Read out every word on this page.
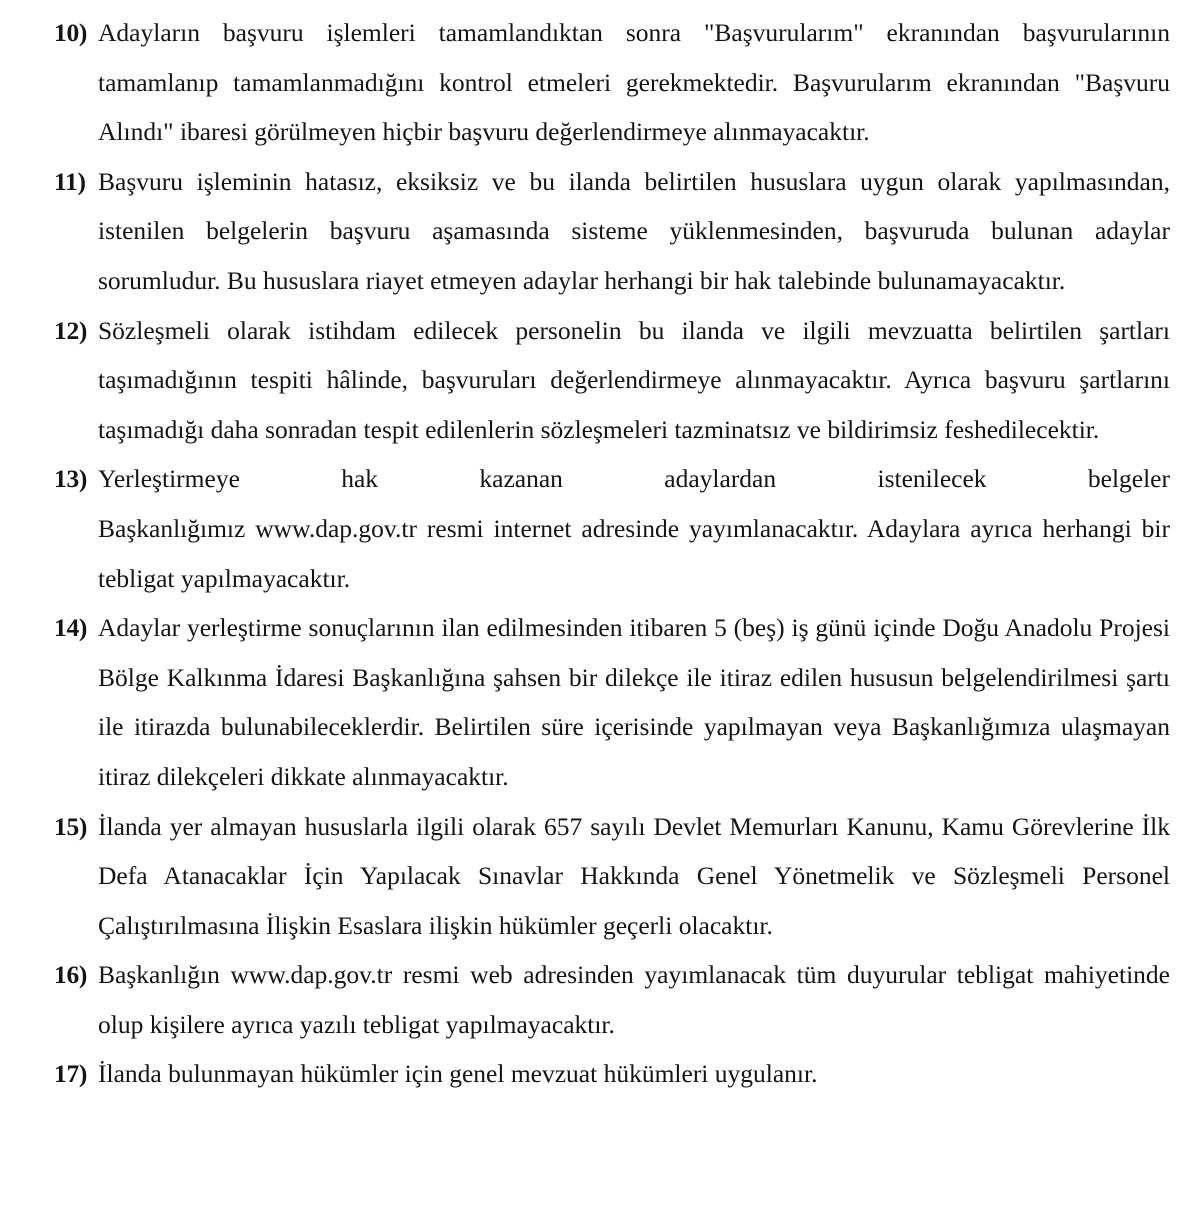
10) Adayların başvuru işlemleri tamamlandıktan sonra "Başvurularım" ekranından başvurularının tamamlanıp tamamlanmadığını kontrol etmeleri gerekmektedir. Başvurularım ekranından "Başvuru Alındı" ibaresi görülmeyen hiçbir başvuru değerlendirmeye alınmayacaktır.
11) Başvuru işleminin hatasız, eksiksiz ve bu ilanda belirtilen hususlara uygun olarak yapılmasından, istenilen belgelerin başvuru aşamasında sisteme yüklenmesinden, başvuruda bulunan adaylar sorumludur. Bu hususlara riayet etmeyen adaylar herhangi bir hak talebinde bulunamayacaktır.
12) Sözleşmeli olarak istihdam edilecek personelin bu ilanda ve ilgili mevzuatta belirtilen şartları taşımadığının tespiti hâlinde, başvuruları değerlendirmeye alınmayacaktır. Ayrıca başvuru şartlarını taşımadığı daha sonradan tespit edilenlerin sözleşmeleri tazminatsız ve bildirimsiz feshedilecektir.
13) Yerleştirmeye hak kazanan adaylardan istenilecek belgeler
Başkanlığımız www.dap.gov.tr resmi internet adresinde yayımlanacaktır. Adaylara ayrıca herhangi bir tebligat yapılmayacaktır.
14) Adaylar yerleştirme sonuçlarının ilan edilmesinden itibaren 5 (beş) iş günü içinde Doğu Anadolu Projesi Bölge Kalkınma İdaresi Başkanlığına şahsen bir dilekçe ile itiraz edilen hususun belgelendirilmesi şartı ile itirazda bulunabileceklerdir. Belirtilen süre içerisinde yapılmayan veya Başkanlığımıza ulaşmayan itiraz dilekçeleri dikkate alınmayacaktır.
15) İlanda yer almayan hususlarla ilgili olarak 657 sayılı Devlet Memurları Kanunu, Kamu Görevlerine İlk Defa Atanacaklar İçin Yapılacak Sınavlar Hakkında Genel Yönetmelik ve Sözleşmeli Personel Çalıştırılmasına İlişkin Esaslara ilişkin hükümler geçerli olacaktır.
16) Başkanlığın www.dap.gov.tr resmi web adresinden yayımlanacak tüm duyurular tebligat mahiyetinde olup kişilere ayrıca yazılı tebligat yapılmayacaktır.
17) İlanda bulunmayan hükümler için genel mevzuat hükümleri uygulanır.
